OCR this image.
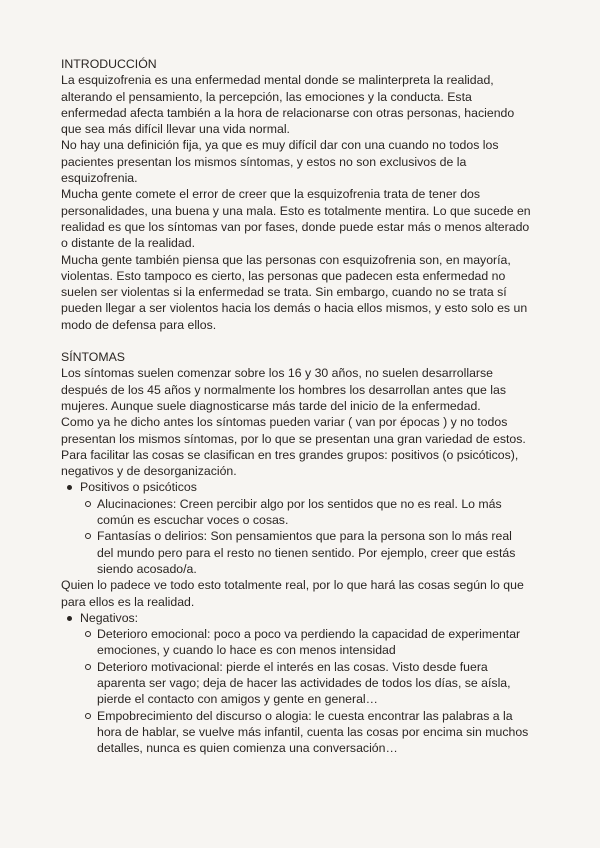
INTRODUCCIÓN

La esquizofrenia es una enfermedad mental donde se malinterpreta la realidad, alterando el pensamiento, la percepción, las emociones y la conducta. Esta enfermedad afecta también a la hora de relacionarse con otras personas, haciendo que sea más difícil llevar una vida normal.

No hay una definición fija, ya que es muy difícil dar con una cuando no todos los pacientes presentan los mismos síntomas, y estos no son exclusivos de la esquizofrenia.

Mucha gente comete el error de creer que la esquizofrenia trata de tener dos personalidades, una buena y una mala. Esto es totalmente mentira. Lo que sucede en realidad es que los síntomas van por fases, donde puede estar más o menos alterado o distante de la realidad.

Mucha gente también piensa que las personas con esquizofrenia son, en mayoría, violentas. Esto tampoco es cierto, las personas que padecen esta enfermedad no suelen ser violentas si la enfermedad se trata. Sin embargo, cuando no se trata sí pueden llegar a ser violentos hacia los demás o hacia ellos mismos, y esto solo es un modo de defensa para ellos.

SÍNTOMAS

Los síntomas suelen comenzar sobre los 16 y 30 años, no suelen desarrollarse después de los 45 años y normalmente los hombres los desarrollan antes que las mujeres. Aunque suele diagnosticarse más tarde del inicio de la enfermedad.

Como ya he dicho antes los síntomas pueden variar ( van por épocas ) y no todos presentan los mismos síntomas, por lo que se presentan una gran variedad de estos.

Para facilitar las cosas se clasifican en tres grandes grupos: positivos (o psicóticos), negativos y de desorganización.

Positivos o psicóticos
Alucinaciones: Creen percibir algo por los sentidos que no es real. Lo más común es escuchar voces o cosas.
Fantasías o delirios: Son pensamientos que para la persona son lo más real del mundo pero para el resto no tienen sentido. Por ejemplo, creer que estás siendo acosado/a.

Quien lo padece ve todo esto totalmente real, por lo que hará las cosas según lo que para ellos es la realidad.

Negativos:
Deterioro emocional: poco a poco va perdiendo la capacidad de experimentar emociones, y cuando lo hace es con menos intensidad
Deterioro motivacional: pierde el interés en las cosas. Visto desde fuera aparenta ser vago; deja de hacer las actividades de todos los días, se aísla, pierde el contacto con amigos y gente en general…
Empobrecimiento del discurso o alogia: le cuesta encontrar las palabras a la hora de hablar, se vuelve más infantil, cuenta las cosas por encima sin muchos detalles, nunca es quien comienza una conversación…
